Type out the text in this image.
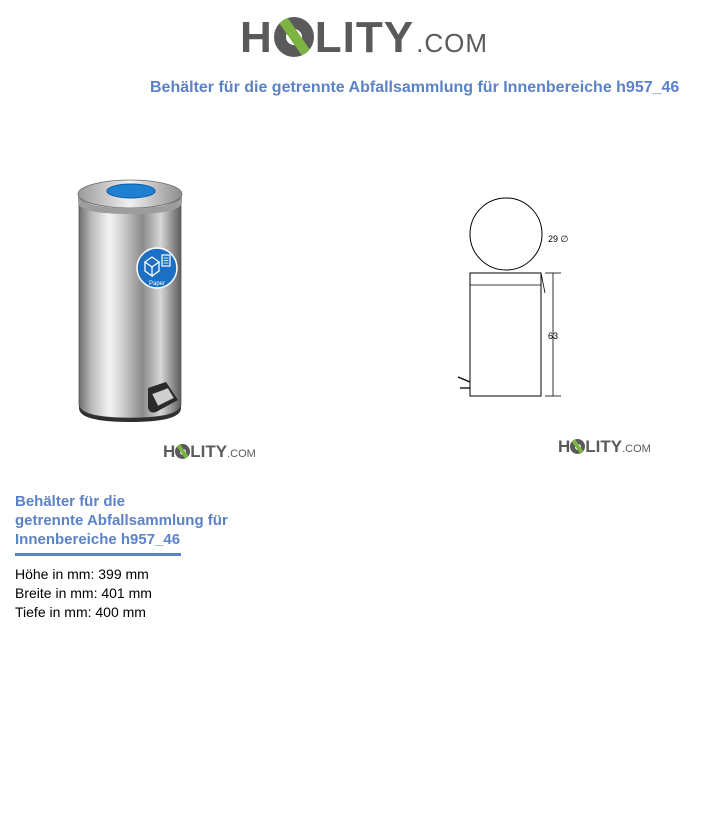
H LITY .COM
Behälter für die getrennte Abfallsammlung für Innenbereiche h957_46
Paper
H LITY .COM
29 ∅
63
H LITY .COM
Behälter für die
getrennte Abfallsammlung für
Innenbereiche h957_46
Höhe in mm: 399 mm
Breite in mm: 401 mm
Tiefe in mm: 400 mm
